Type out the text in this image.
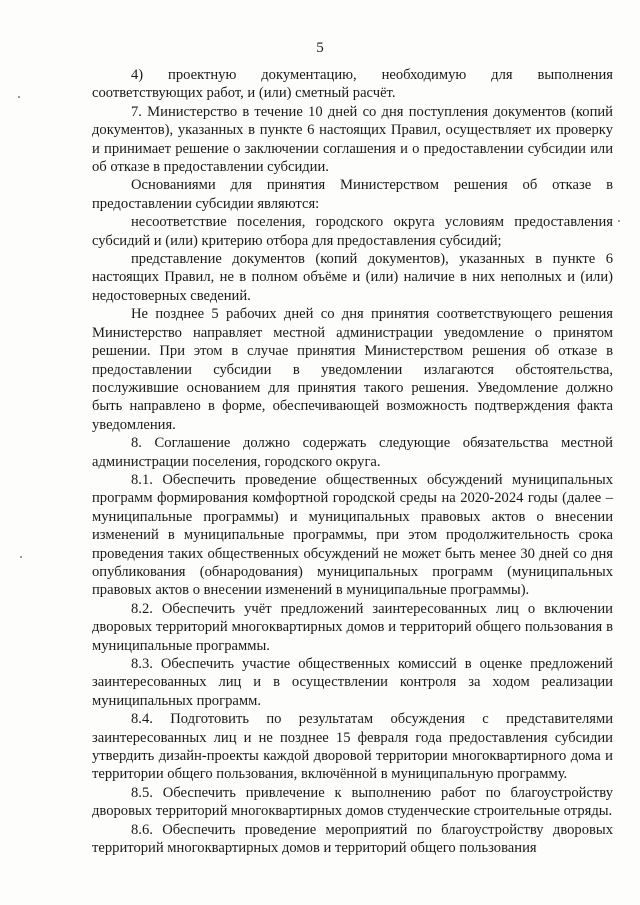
5

4) проектную документацию, необходимую для выполнения соответствующих работ, и (или) сметный расчёт.

7. Министерство в течение 10 дней со дня поступления документов (копий документов), указанных в пункте 6 настоящих Правил, осуществляет их проверку и принимает решение о заключении соглашения и о предоставлении субсидии или об отказе в предоставлении субсидии.

Основаниями для принятия Министерством решения об отказе в предоставлении субсидии являются:

несоответствие поселения, городского округа условиям предоставления субсидий и (или) критерию отбора для предоставления субсидий;

представление документов (копий документов), указанных в пункте 6 настоящих Правил, не в полном объёме и (или) наличие в них неполных и (или) недостоверных сведений.

Не позднее 5 рабочих дней со дня принятия соответствующего решения Министерство направляет местной администрации уведомление о принятом решении. При этом в случае принятия Министерством решения об отказе в предоставлении субсидии в уведомлении излагаются обстоятельства, послужившие основанием для принятия такого решения. Уведомление должно быть направлено в форме, обеспечивающей возможность подтверждения факта уведомления.

8. Соглашение должно содержать следующие обязательства местной администрации поселения, городского округа.

8.1. Обеспечить проведение общественных обсуждений муниципальных программ формирования комфортной городской среды на 2020-2024 годы (далее – муниципальные программы) и муниципальных правовых актов о внесении изменений в муниципальные программы, при этом продолжительность срока проведения таких общественных обсуждений не может быть менее 30 дней со дня опубликования (обнародования) муниципальных программ (муниципальных правовых актов о внесении изменений в муниципальные программы).

8.2. Обеспечить учёт предложений заинтересованных лиц о включении дворовых территорий многоквартирных домов и территорий общего пользования в муниципальные программы.

8.3. Обеспечить участие общественных комиссий в оценке предложений заинтересованных лиц и в осуществлении контроля за ходом реализации муниципальных программ.

8.4. Подготовить по результатам обсуждения с представителями заинтересованных лиц и не позднее 15 февраля года предоставления субсидии утвердить дизайн-проекты каждой дворовой территории многоквартирного дома и территории общего пользования, включённой в муниципальную программу.

8.5. Обеспечить привлечение к выполнению работ по благоустройству дворовых территорий многоквартирных домов студенческие строительные отряды.

8.6. Обеспечить проведение мероприятий по благоустройству дворовых территорий многоквартирных домов и территорий общего пользования
